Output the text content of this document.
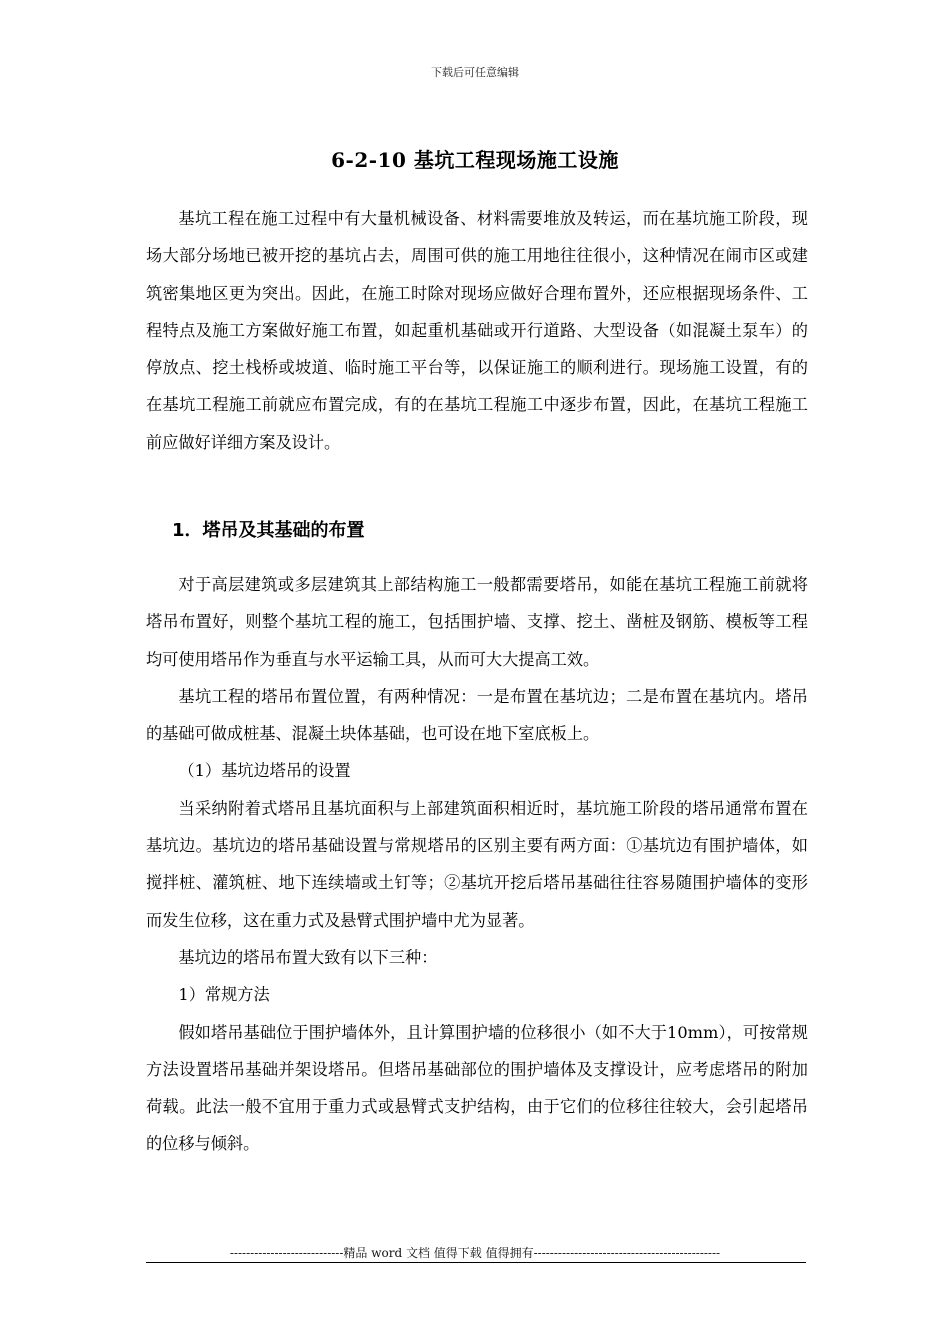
下载后可任意编辑
6-2-10 基坑工程现场施工设施

基坑工程在施工过程中有大量机械设备、材料需要堆放及转运，而在基坑施工阶段，现场大部分场地已被开挖的基坑占去，周围可供的施工用地往往很小，这种情况在闹市区或建筑密集地区更为突出。因此，在施工时除对现场应做好合理布置外，还应根据现场条件、工程特点及施工方案做好施工布置，如起重机基础或开行道路、大型设备（如混凝土泵车）的停放点、挖土栈桥或坡道、临时施工平台等，以保证施工的顺利进行。现场施工设置，有的在基坑工程施工前就应布置完成，有的在基坑工程施工中逐步布置，因此，在基坑工程施工前应做好详细方案及设计。

1．塔吊及其基础的布置

对于高层建筑或多层建筑其上部结构施工一般都需要塔吊，如能在基坑工程施工前就将塔吊布置好，则整个基坑工程的施工，包括围护墙、支撑、挖土、凿桩及钢筋、模板等工程均可使用塔吊作为垂直与水平运输工具，从而可大大提高工效。

基坑工程的塔吊布置位置，有两种情况：一是布置在基坑边；二是布置在基坑内。塔吊的基础可做成桩基、混凝土块体基础，也可设在地下室底板上。

（1）基坑边塔吊的设置

当采纳附着式塔吊且基坑面积与上部建筑面积相近时，基坑施工阶段的塔吊通常布置在基坑边。基坑边的塔吊基础设置与常规塔吊的区别主要有两方面：①基坑边有围护墙体，如搅拌桩、灌筑桩、地下连续墙或土钉等；②基坑开挖后塔吊基础往往容易随围护墙体的变形而发生位移，这在重力式及悬臂式围护墙中尤为显著。

基坑边的塔吊布置大致有以下三种：

1）常规方法

假如塔吊基础位于围护墙体外，且计算围护墙的位移很小（如不大于10mm），可按常规方法设置塔吊基础并架设塔吊。但塔吊基础部位的围护墙体及支撑设计，应考虑塔吊的附加荷载。此法一般不宜用于重力式或悬臂式支护结构，由于它们的位移往往较大，会引起塔吊的位移与倾斜。

----------------------------精品 word 文档 值得下载 值得拥有----------------------------------------------
